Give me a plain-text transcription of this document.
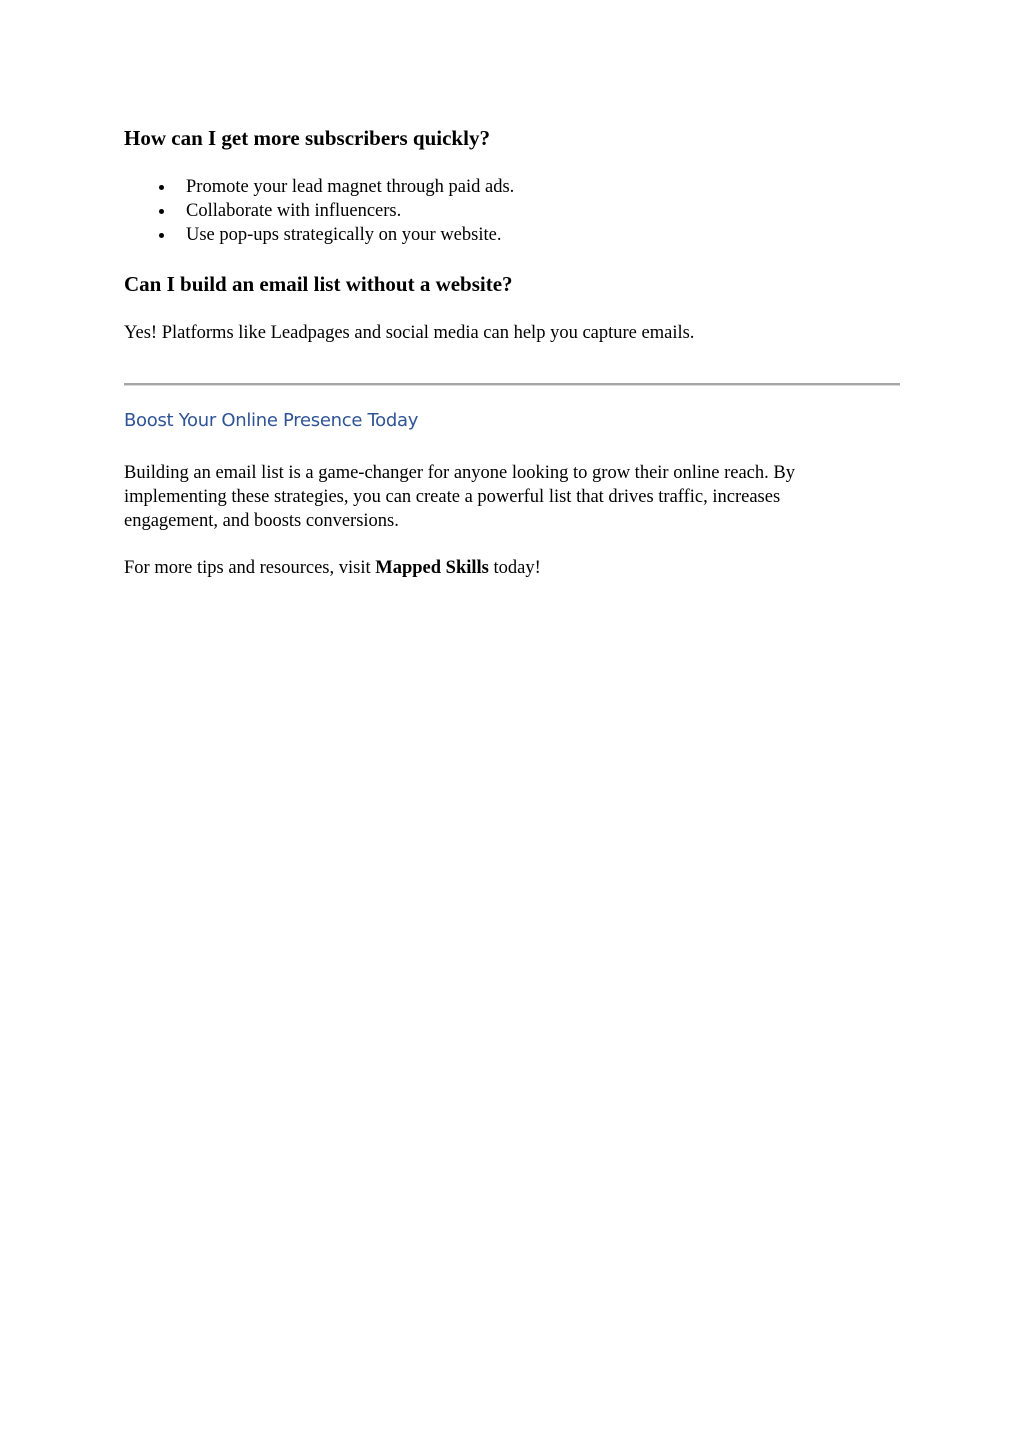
How can I get more subscribers quickly?
Promote your lead magnet through paid ads.
Collaborate with influencers.
Use pop-ups strategically on your website.
Can I build an email list without a website?

Yes! Platforms like Leadpages and social media can help you capture emails.

Boost Your Online Presence Today

Building an email list is a game-changer for anyone looking to grow their online reach. By
implementing these strategies, you can create a powerful list that drives traffic, increases
engagement, and boosts conversions.

For more tips and resources, visit Mapped Skills today!
